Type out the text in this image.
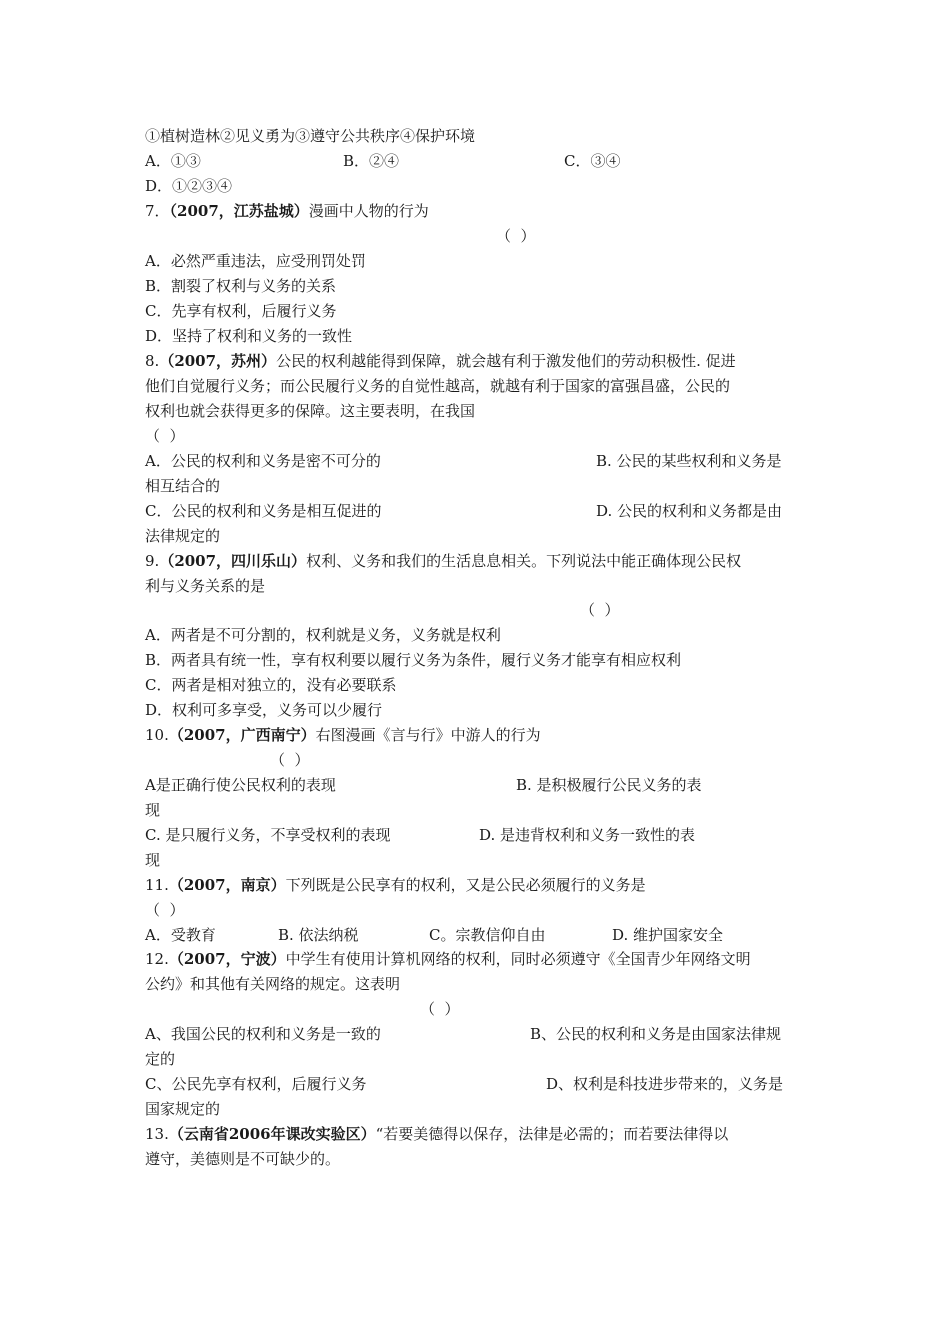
①植树造林②见义勇为③遵守公共秩序④保护环境
A．①③	B．②④	C．③④
D．①②③④
7．（2007，江苏盐城）漫画中人物的行为
（  ）
A．必然严重违法，应受刑罚处罚
B．割裂了权利与义务的关系
C．先享有权利，后履行义务
D．坚持了权利和义务的一致性
8.（2007，苏州）公民的权利越能得到保障，就会越有利于激发他们的劳动积极性. 促进
他们自觉履行义务；而公民履行义务的自觉性越高，就越有利于国家的富强昌盛，公民的
权利也就会获得更多的保障。这主要表明，在我国
（  ）
A．公民的权利和义务是密不可分的	B. 公民的某些权利和义务是
相互结合的
C．公民的权利和义务是相互促进的	D. 公民的权利和义务都是由
法律规定的
9.（2007，四川乐山）权利、义务和我们的生活息息相关。下列说法中能正确体现公民权
利与义务关系的是
（  ）
A．两者是不可分割的，权利就是义务，义务就是权利
B．两者具有统一性，享有权利要以履行义务为条件，履行义务才能享有相应权利
C．两者是相对独立的，没有必要联系
D．权利可多享受，义务可以少履行
10.（2007，广西南宁）右图漫画《言与行》中游人的行为
（  ）
A是正确行使公民权利的表现	B. 是积极履行公民义务的表
现
C. 是只履行义务，不享受权利的表现	D. 是违背权利和义务一致性的表
现
11.（2007，南京）下列既是公民享有的权利，又是公民必须履行的义务是
（  ）
A．受教育	B. 依法纳税	C。宗教信仰自由	D. 维护国家安全
12.（2007，宁波）中学生有使用计算机网络的权利，同时必须遵守《全国青少年网络文明
公约》和其他有关网络的规定。这表明
（  ）
A、我国公民的权利和义务是一致的	B、公民的权利和义务是由国家法律规
定的
C、公民先享有权利，后履行义务	D、权利是科技进步带来的，义务是
国家规定的
13.（云南省2006年课改实验区）“若要美德得以保存，法律是必需的；而若要法律得以
遵守，美德则是不可缺少的。
